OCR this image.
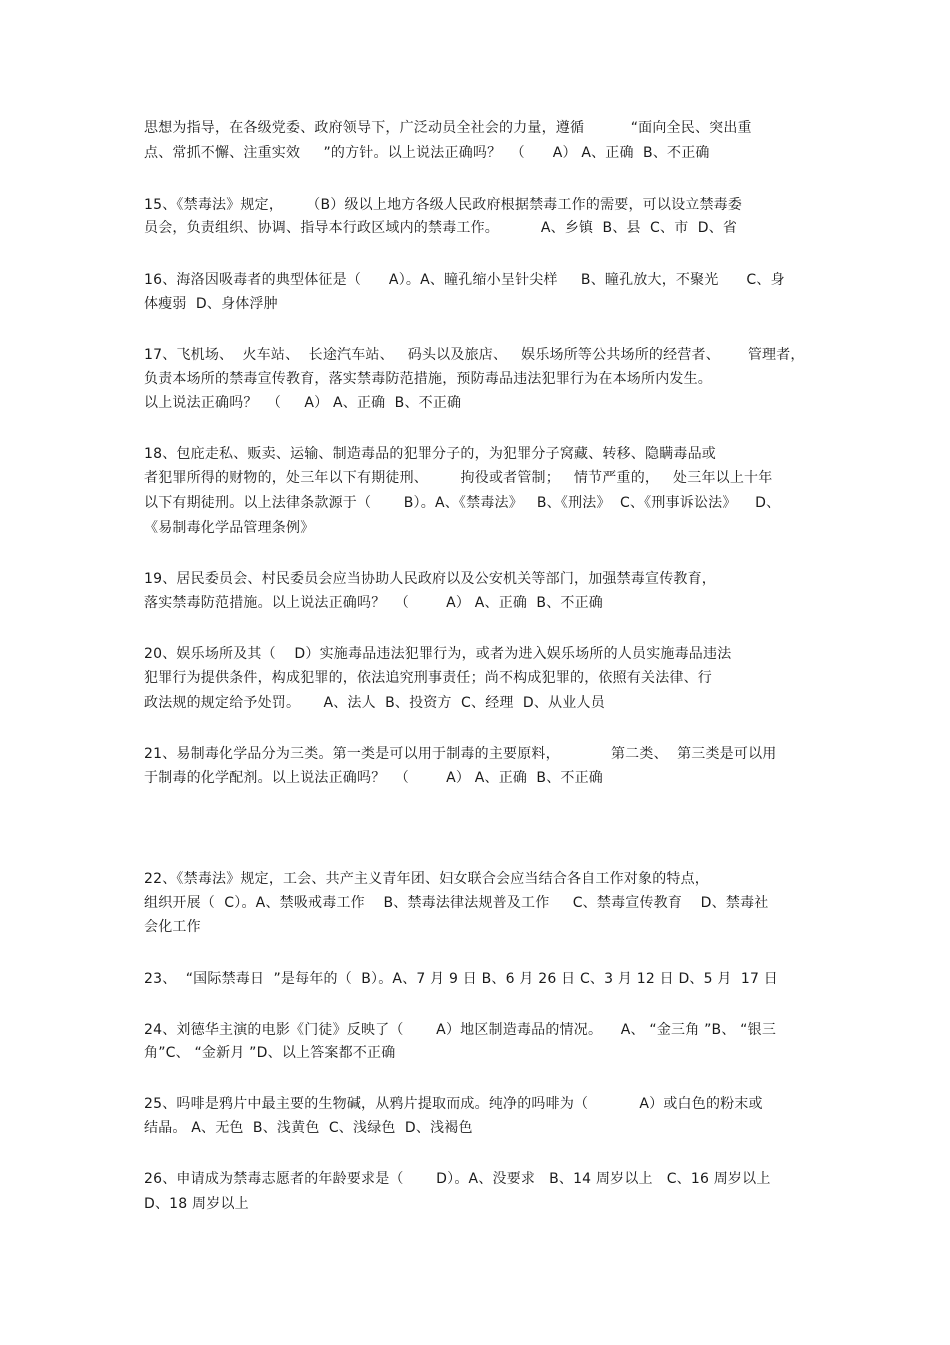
思想为指导，在各级党委、政府领导下，广泛动员全社会的力量，遵循          “面向全民、突出重
点、常抓不懈、注重实效     ”的方针。以上说法正确吗？  （      A） A、正确  B、不正确
15、《禁毒法》规定，     （B）级以上地方各级人民政府根据禁毒工作的需要，可以设立禁毒委
员会，负责组织、协调、指导本行政区域内的禁毒工作。         A、乡镇  B、县  C、市  D、省
16、海洛因吸毒者的典型体征是（      A）。A、瞳孔缩小呈针尖样     B、瞳孔放大，不聚光      C、身
体瘦弱  D、身体浮肿
17、飞机场、  火车站、  长途汽车站、   码头以及旅店、   娱乐场所等公共场所的经营者、      管理者，
负责本场所的禁毒宣传教育，落实禁毒防范措施，预防毒品违法犯罪行为在本场所内发生。
以上说法正确吗？  （     A） A、正确  B、不正确
18、包庇走私、贩卖、运输、制造毒品的犯罪分子的，为犯罪分子窝藏、转移、隐瞒毒品或
者犯罪所得的财物的，处三年以下有期徒刑、       拘役或者管制；   情节严重的，   处三年以上十年
以下有期徒刑。以上法律条款源于（       B）。A、《禁毒法》   B、《刑法》  C、《刑事诉讼法》    D、
《易制毒化学品管理条例》
19、居民委员会、村民委员会应当协助人民政府以及公安机关等部门，加强禁毒宣传教育，
落实禁毒防范措施。以上说法正确吗？  （        A） A、正确  B、不正确
20、娱乐场所及其（    D）实施毒品违法犯罪行为，或者为进入娱乐场所的人员实施毒品违法
犯罪行为提供条件，构成犯罪的，依法追究刑事责任；尚不构成犯罪的，依照有关法律、行
政法规的规定给予处罚。     A、法人  B、投资方  C、经理  D、从业人员
21、易制毒化学品分为三类。第一类是可以用于制毒的主要原料，           第二类、  第三类是可以用
于制毒的化学配剂。以上说法正确吗？  （        A） A、正确  B、不正确
22、《禁毒法》规定，工会、共产主义青年团、妇女联合会应当结合各自工作对象的特点，
组织开展（  C）。A、禁吸戒毒工作    B、禁毒法律法规普及工作     C、禁毒宣传教育    D、禁毒社
会化工作
23、  “国际禁毒日  ”是每年的（  B）。A、7 月 9 日 B、6 月 26 日 C、3 月 12 日 D、5 月  17 日
24、刘德华主演的电影《门徒》反映了（       A）地区制造毒品的情况。    A、 “金三角 ”B、 “银三
角”C、 “金新月 ”D、以上答案都不正确
25、吗啡是鸦片中最主要的生物碱，从鸦片提取而成。纯净的吗啡为（           A）或白色的粉末或
结晶。 A、无色  B、浅黄色  C、浅绿色  D、浅褐色
26、申请成为禁毒志愿者的年龄要求是（       D）。A、没要求   B、14 周岁以上   C、16 周岁以上
D、18 周岁以上
